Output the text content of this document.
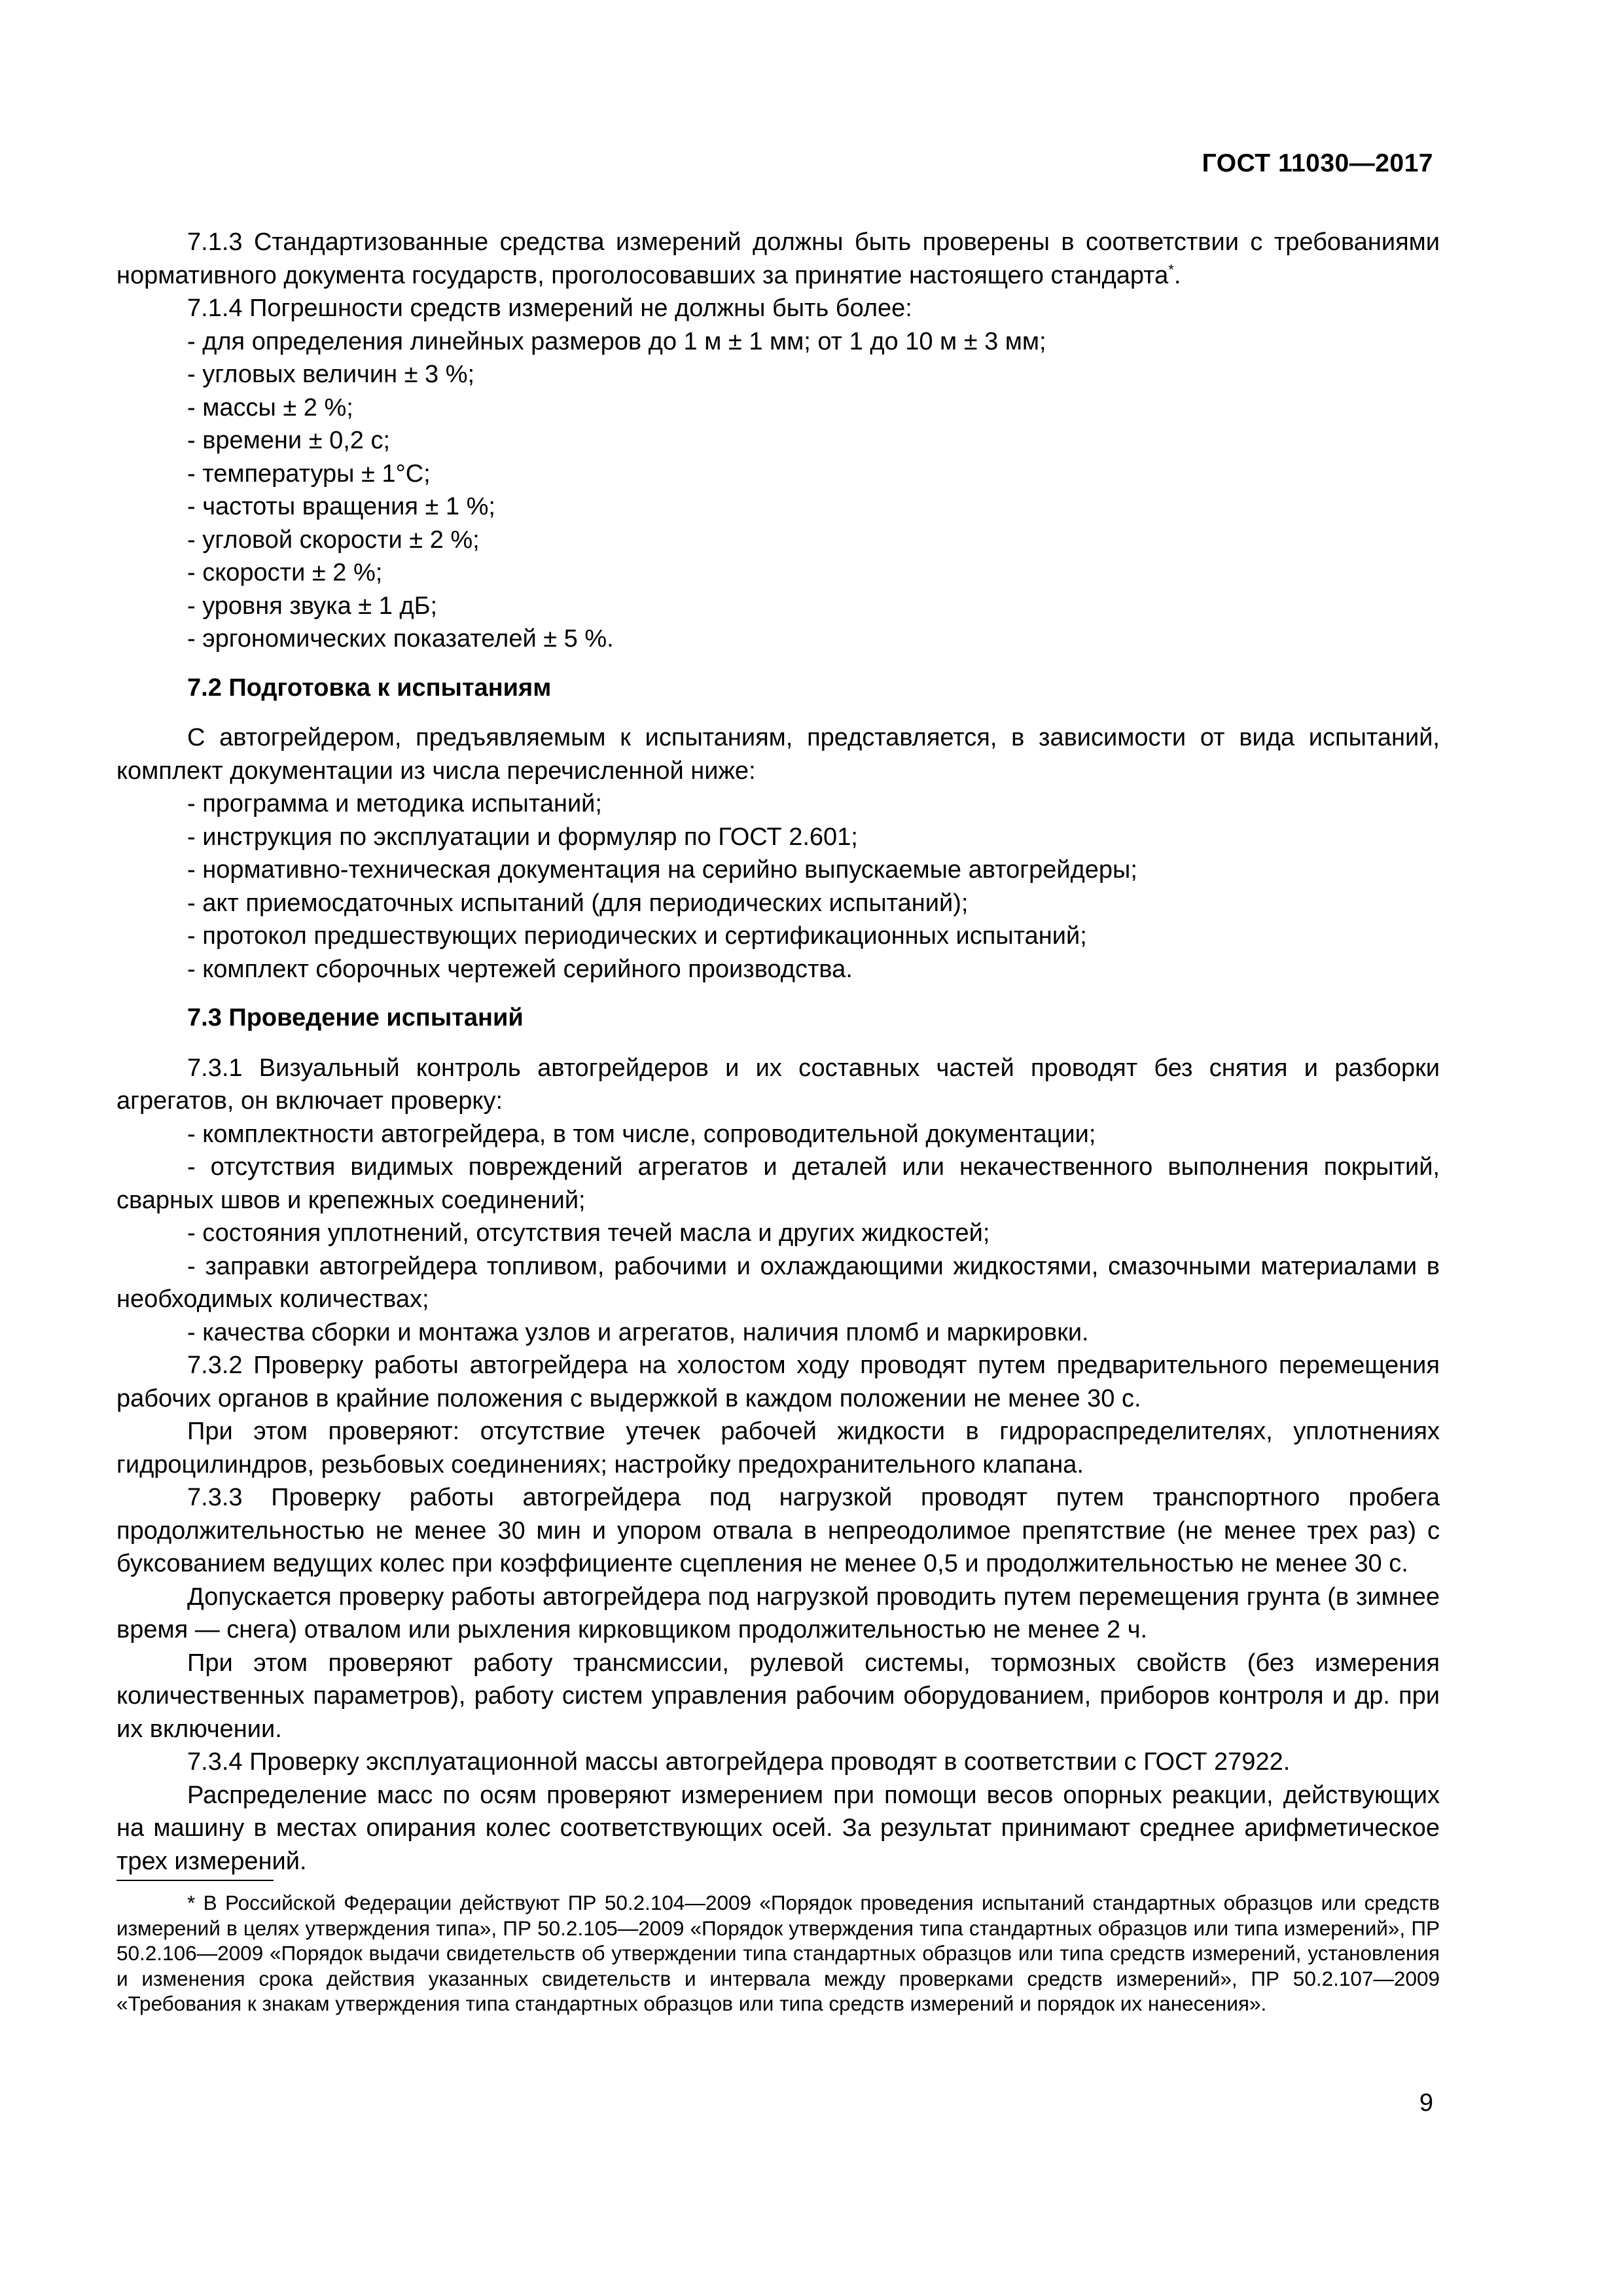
ГОСТ 11030—2017

7.1.3 Стандартизованные средства измерений должны быть проверены в соответствии с требованиями нормативного документа государств, проголосовавших за принятие настоящего стандарта*.

7.1.4 Погрешности средств измерений не должны быть более:

- для определения линейных размеров до 1 м ± 1 мм; от 1 до 10 м ± 3 мм;

- угловых величин ± 3 %;

- массы ± 2 %;

- времени ± 0,2 с;

- температуры ± 1°С;

- частоты вращения ± 1 %;

- угловой скорости ± 2 %;

- скорости ± 2 %;

- уровня звука ± 1 дБ;

- эргономических показателей ± 5 %.

7.2 Подготовка к испытаниям

С автогрейдером, предъявляемым к испытаниям, представляется, в зависимости от вида испытаний, комплект документации из числа перечисленной ниже:

- программа и методика испытаний;

- инструкция по эксплуатации и формуляр по ГОСТ 2.601;

- нормативно-техническая документация на серийно выпускаемые автогрейдеры;

- акт приемосдаточных испытаний (для периодических испытаний);

- протокол предшествующих периодических и сертификационных испытаний;

- комплект сборочных чертежей серийного производства.

7.3 Проведение испытаний

7.3.1 Визуальный контроль автогрейдеров и их составных частей проводят без снятия и разборки агрегатов, он включает проверку:

- комплектности автогрейдера, в том числе, сопроводительной документации;

- отсутствия видимых повреждений агрегатов и деталей или некачественного выполнения покрытий, сварных швов и крепежных соединений;

- состояния уплотнений, отсутствия течей масла и других жидкостей;

- заправки автогрейдера топливом, рабочими и охлаждающими жидкостями, смазочными материалами в необходимых количествах;

- качества сборки и монтажа узлов и агрегатов, наличия пломб и маркировки.

7.3.2 Проверку работы автогрейдера на холостом ходу проводят путем предварительного перемещения рабочих органов в крайние положения с выдержкой в каждом положении не менее 30 с.

При этом проверяют: отсутствие утечек рабочей жидкости в гидрораспределителях, уплотнениях гидроцилиндров, резьбовых соединениях; настройку предохранительного клапана.

7.3.3 Проверку работы автогрейдера под нагрузкой проводят путем транспортного пробега продолжительностью не менее 30 мин и упором отвала в непреодолимое препятствие (не менее трех раз) с буксованием ведущих колес при коэффициенте сцепления не менее 0,5 и продолжительностью не менее 30 с.

Допускается проверку работы автогрейдера под нагрузкой проводить путем перемещения грунта (в зимнее время — снега) отвалом или рыхления кирковщиком продолжительностью не менее 2 ч.

При этом проверяют работу трансмиссии, рулевой системы, тормозных свойств (без измерения количественных параметров), работу систем управления рабочим оборудованием, приборов контроля и др. при их включении.

7.3.4 Проверку эксплуатационной массы автогрейдера проводят в соответствии с ГОСТ 27922.

Распределение масс по осям проверяют измерением при помощи весов опорных реакции, действующих на машину в местах опирания колес соответствующих осей. За результат принимают среднее арифметическое трех измерений.

* В Российской Федерации действуют ПР 50.2.104—2009 «Порядок проведения испытаний стандартных образцов или средств измерений в целях утверждения типа», ПР 50.2.105—2009 «Порядок утверждения типа стандартных образцов или типа измерений», ПР 50.2.106—2009 «Порядок выдачи свидетельств об утверждении типа стандартных образцов или типа средств измерений, установления и изменения срока действия указанных свидетельств и интервала между проверками средств измерений», ПР 50.2.107—2009 «Требования к знакам утверждения типа стандартных образцов или типа средств измерений и порядок их нанесения».

9
